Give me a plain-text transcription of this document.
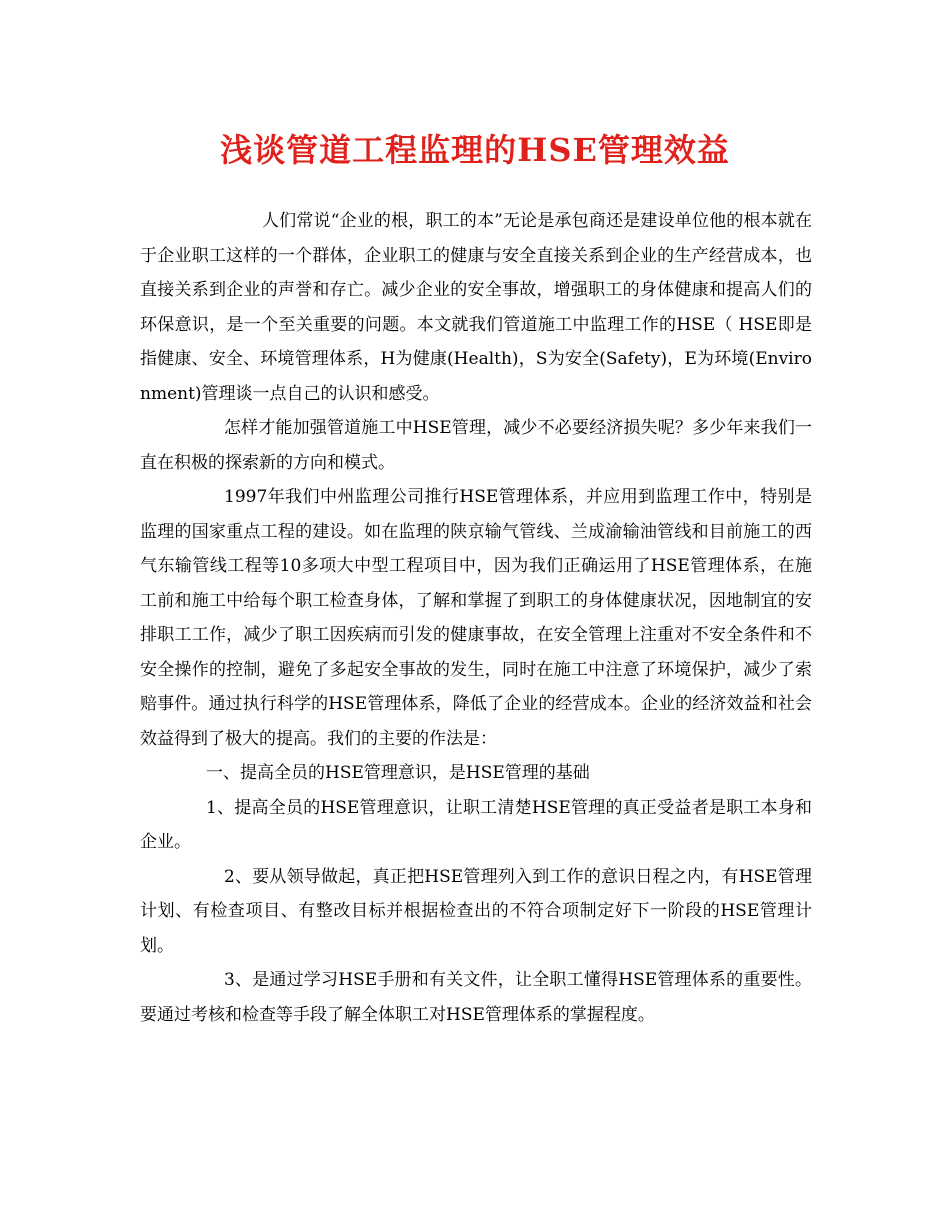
浅谈管道工程监理的HSE管理效益

人们常说“企业的根，职工的本”无论是承包商还是建设单位他的根本就在于企业职工这样的一个群体，企业职工的健康与安全直接关系到企业的生产经营成本，也直接关系到企业的声誉和存亡。减少企业的安全事故，增强职工的身体健康和提高人们的环保意识，是一个至关重要的问题。本文就我们管道施工中监理工作的HSE（ HSE即是指健康、安全、环境管理体系，H为健康(Health)，S为安全(Safety)，E为环境(Environment)管理谈一点自己的认识和感受。

怎样才能加强管道施工中HSE管理，减少不必要经济损失呢？多少年来我们一直在积极的探索新的方向和模式。

1997年我们中州监理公司推行HSE管理体系，并应用到监理工作中，特别是监理的国家重点工程的建设。如在监理的陕京输气管线、兰成渝输油管线和目前施工的西气东输管线工程等10多项大中型工程项目中，因为我们正确运用了HSE管理体系，在施工前和施工中给每个职工检查身体，了解和掌握了到职工的身体健康状况，因地制宜的安排职工工作，减少了职工因疾病而引发的健康事故，在安全管理上注重对不安全条件和不安全操作的控制，避免了多起安全事故的发生，同时在施工中注意了环境保护，减少了索赔事件。通过执行科学的HSE管理体系，降低了企业的经营成本。企业的经济效益和社会效益得到了极大的提高。我们的主要的作法是：

一、提高全员的HSE管理意识，是HSE管理的基础

1、提高全员的HSE管理意识，让职工清楚HSE管理的真正受益者是职工本身和企业。

2、要从领导做起，真正把HSE管理列入到工作的意识日程之内，有HSE管理计划、有检查项目、有整改目标并根据检查出的不符合项制定好下一阶段的HSE管理计划。

3、是通过学习HSE手册和有关文件，让全职工懂得HSE管理体系的重要性。要通过考核和检查等手段了解全体职工对HSE管理体系的掌握程度。
